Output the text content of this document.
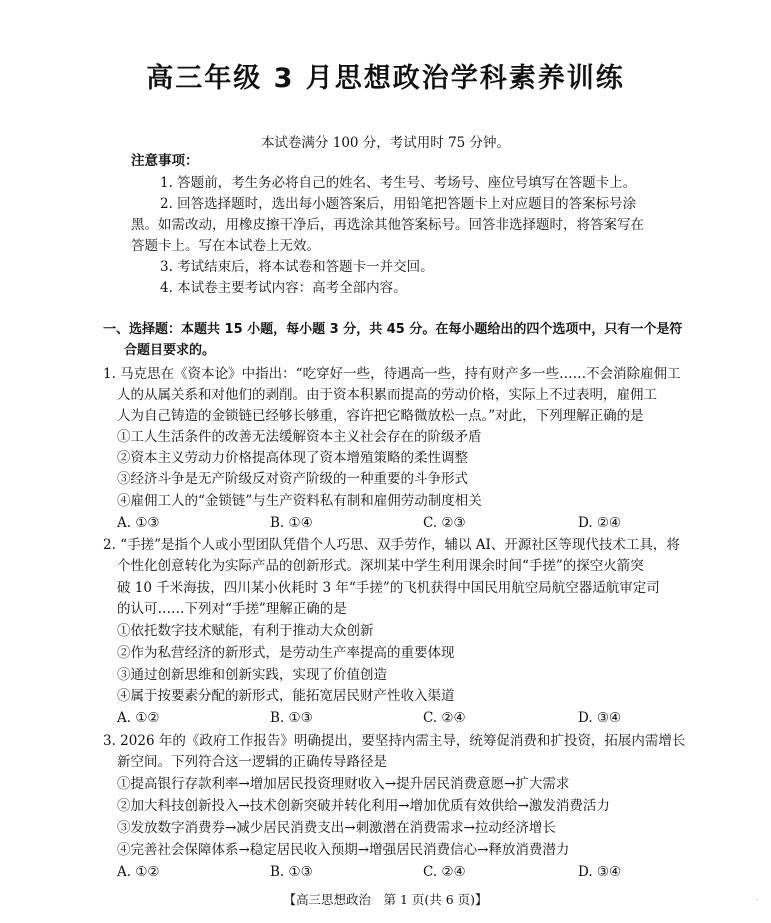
高三年级 3 月思想政治学科素养训练
本试卷满分 100 分，考试用时 75 分钟。
注意事项：
1. 答题前，考生务必将自己的姓名、考生号、考场号、座位号填写在答题卡上。
2. 回答选择题时，选出每小题答案后，用铅笔把答题卡上对应题目的答案标号涂
黑。如需改动，用橡皮擦干净后，再选涂其他答案标号。回答非选择题时，将答案写在
答题卡上。写在本试卷上无效。
3. 考试结束后，将本试卷和答题卡一并交回。
4. 本试卷主要考试内容：高考全部内容。
一、选择题：本题共 15 小题，每小题 3 分，共 45 分。在每小题给出的四个选项中，只有一个是符
合题目要求的。
1. 马克思在《资本论》中指出：“吃穿好一些，待遇高一些，持有财产多一些……不会消除雇佣工
人的从属关系和对他们的剥削。由于资本积累而提高的劳动价格，实际上不过表明，雇佣工
人为自己铸造的金锁链已经够长够重，容许把它略微放松一点。”对此，下列理解正确的是
①工人生活条件的改善无法缓解资本主义社会存在的阶级矛盾
②资本主义劳动力价格提高体现了资本增殖策略的柔性调整
③经济斗争是无产阶级反对资产阶级的一种重要的斗争形式
④雇佣工人的“金锁链”与生产资料私有制和雇佣劳动制度相关
A. ①③	B. ①④	C. ②③	D. ②④
2. “手搓”是指个人或小型团队凭借个人巧思、双手劳作，辅以 AI、开源社区等现代技术工具，将
个性化创意转化为实际产品的创新形式。深圳某中学生利用课余时间“手搓”的探空火箭突
破 10 千米海拔，四川某小伙耗时 3 年“手搓”的飞机获得中国民用航空局航空器适航审定司
的认可……下列对“手搓”理解正确的是
①依托数字技术赋能，有利于推动大众创新
②作为私营经济的新形式，是劳动生产率提高的重要体现
③通过创新思维和创新实践，实现了价值创造
④属于按要素分配的新形式，能拓宽居民财产性收入渠道
A. ①②	B. ①③	C. ②④	D. ③④
3. 2026 年的《政府工作报告》明确提出，要坚持内需主导，统筹促消费和扩投资，拓展内需增长
新空间。下列符合这一逻辑的正确传导路径是
①提高银行存款利率→增加居民投资理财收入→提升居民消费意愿→扩大需求
②加大科技创新投入→技术创新突破并转化利用→增加优质有效供给→激发消费活力
③发放数字消费券→减少居民消费支出→刺激潜在消费需求→拉动经济增长
④完善社会保障体系→稳定居民收入预期→增强居民消费信心→释放消费潜力
A. ①②	B. ①③	C. ②④	D. ③④
【高三思想政治　第 1 页(共 6 页)】	·
